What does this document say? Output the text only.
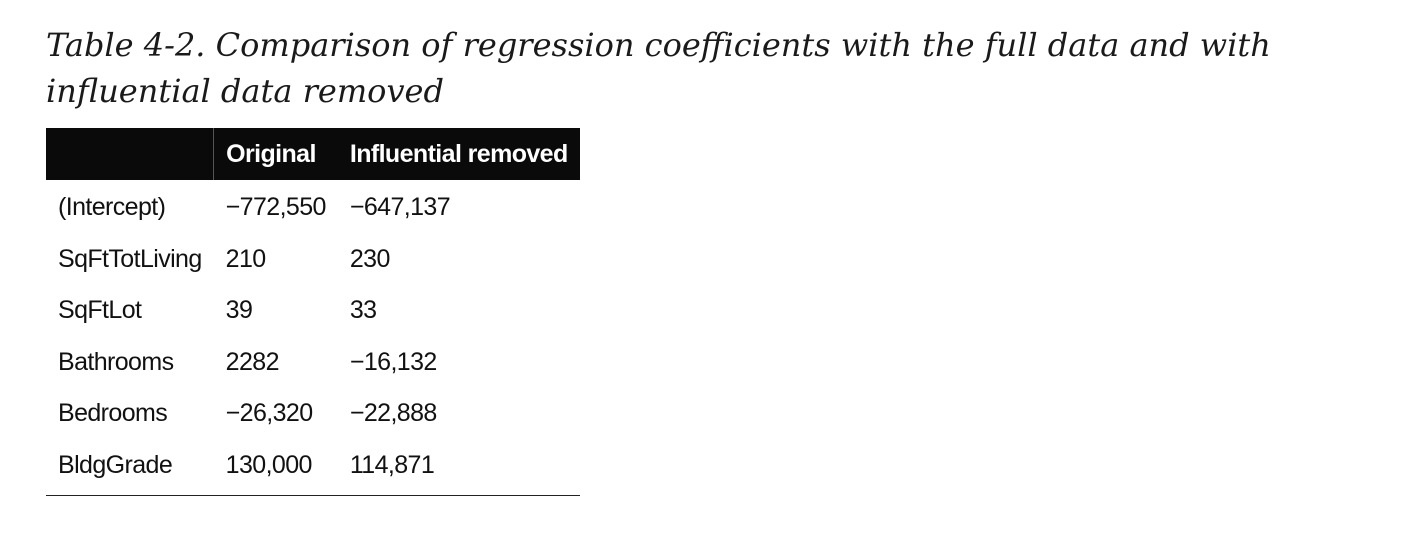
Table 4-2. Comparison of regression coefficients with the full data and with influential data removed

	Original	Influential removed
(Intercept)	−772,550	−647,137
SqFtTotLiving	210	230
SqFtLot	39	33
Bathrooms	2282	−16,132
Bedrooms	−26,320	−22,888
BldgGrade	130,000	114,871
